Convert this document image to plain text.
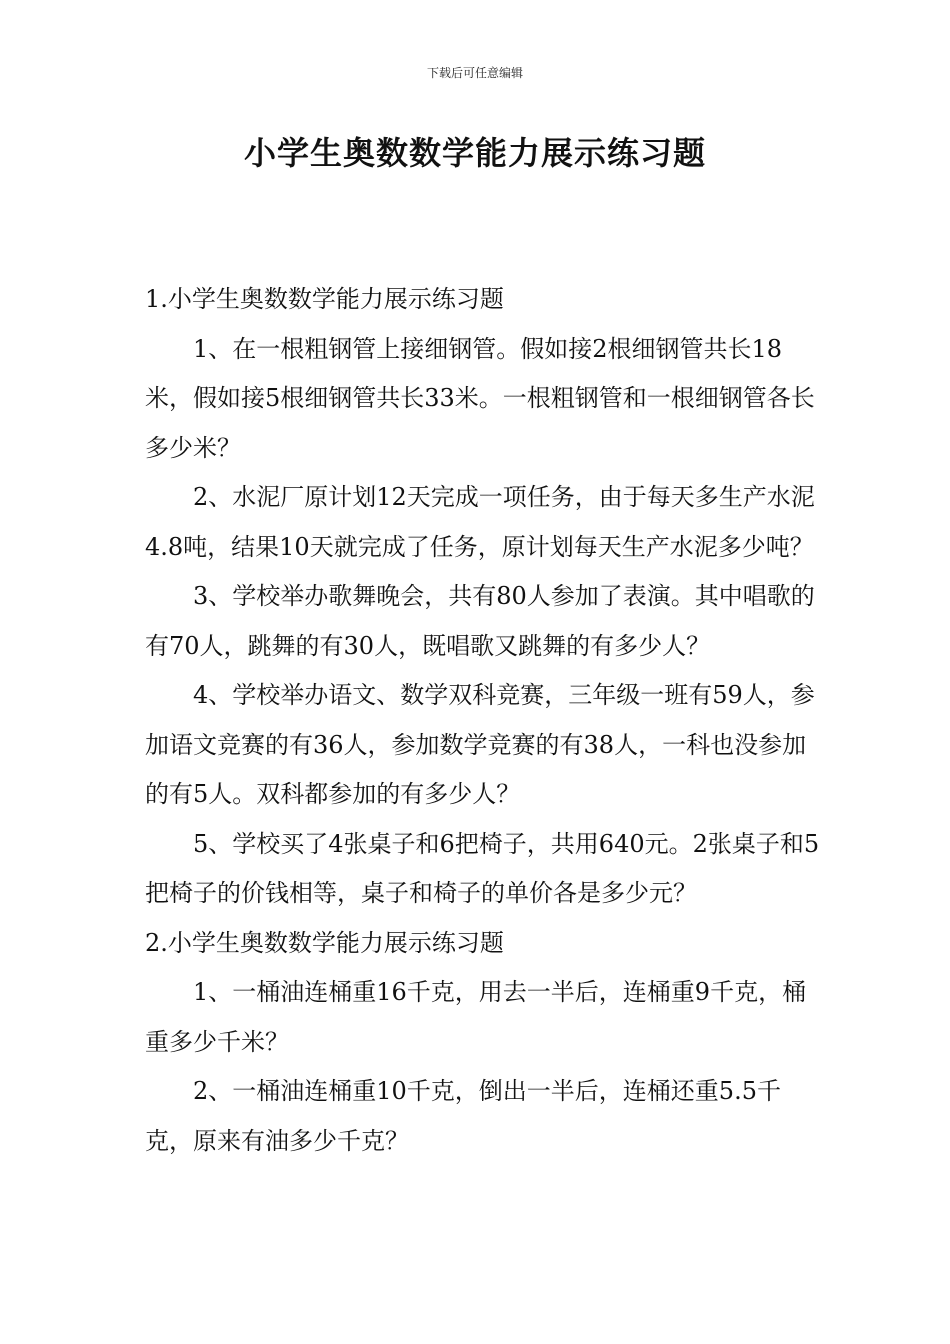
下载后可任意编辑
小学生奥数数学能力展示练习题

1.小学生奥数数学能力展示练习题

1、在一根粗钢管上接细钢管。假如接2根细钢管共长18米，假如接5根细钢管共长33米。一根粗钢管和一根细钢管各长多少米？

2、水泥厂原计划12天完成一项任务，由于每天多生产水泥4.8吨，结果10天就完成了任务，原计划每天生产水泥多少吨？

3、学校举办歌舞晚会，共有80人参加了表演。其中唱歌的有70人，跳舞的有30人，既唱歌又跳舞的有多少人？

4、学校举办语文、数学双科竞赛，三年级一班有59人，参加语文竞赛的有36人，参加数学竞赛的有38人，一科也没参加的有5人。双科都参加的有多少人？

5、学校买了4张桌子和6把椅子，共用640元。2张桌子和5把椅子的价钱相等，桌子和椅子的单价各是多少元？

2.小学生奥数数学能力展示练习题

1、一桶油连桶重16千克，用去一半后，连桶重9千克，桶重多少千米？

2、一桶油连桶重10千克，倒出一半后，连桶还重5.5千克，原来有油多少千克？
